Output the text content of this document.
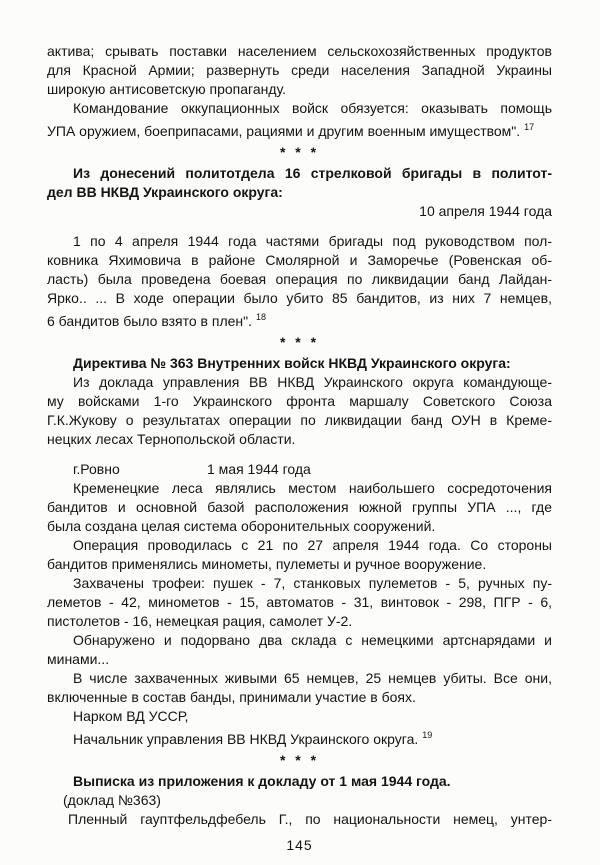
актива; срывать поставки населением сельскохозяйственных продуктов
для Красной Армии; развернуть среди населения Западной Украины
широкую антисоветскую пропаганду.
Командование оккупационных войск обязуется: оказывать помощь
УПА оружием, боеприпасами, рациями и другим военным имуществом". $^{17}$
* * *
Из донесений политотдела 16 стрелковой бригады в политот-
дел ВВ НКВД Украинского округа:
10 апреля 1944 года
1 по 4 апреля 1944 года частями бригады под руководством пол-
ковника Яхимовича в районе Смолярной и Заморечье (Ровенская об-
ласть) была проведена боевая операция по ликвидации банд Лайдан-
Ярко.. ... В ходе операции было убито 85 бандитов, из них 7 немцев,
6 бандитов было взято в плен". $^{18}$
* * *
Директива № 363 Внутренних войск НКВД Украинского округа:
Из доклада управления ВВ НКВД Украинского округа командующе-
му войсками 1-го Украинского фронта маршалу Советского Союза
Г.К.Жукову о результатах операции по ликвидации банд ОУН в Креме-
нецких лесах Тернопольской области.
г.Ровно	1 мая 1944 года
Кременецкие леса являлись местом наибольшего сосредоточения
бандитов и основной базой расположения южной группы УПА ..., где
была создана целая система оборонительных сооружений.
Операция проводилась с 21 по 27 апреля 1944 года. Со стороны
бандитов применялись минометы, пулеметы и ручное вооружение.
Захвачены трофеи: пушек - 7, станковых пулеметов - 5, ручных пу-
леметов - 42, минометов - 15, автоматов - 31, винтовок - 298, ПГР - 6,
пистолетов - 16, немецкая рация, самолет У-2.
Обнаружено и подорвано два склада с немецкими артснарядами и
минами...
В числе захваченных живыми 65 немцев, 25 немцев убиты. Все они,
включенные в состав банды, принимали участие в боях.
Нарком ВД УССР,
Начальник управления ВВ НКВД Украинского округа. $^{19}$
* * *
Выписка из приложения к докладу от 1 мая 1944 года.
(доклад №363)
Пленный гауптфельдфебель Г., по национальности немец, унтер-
145
